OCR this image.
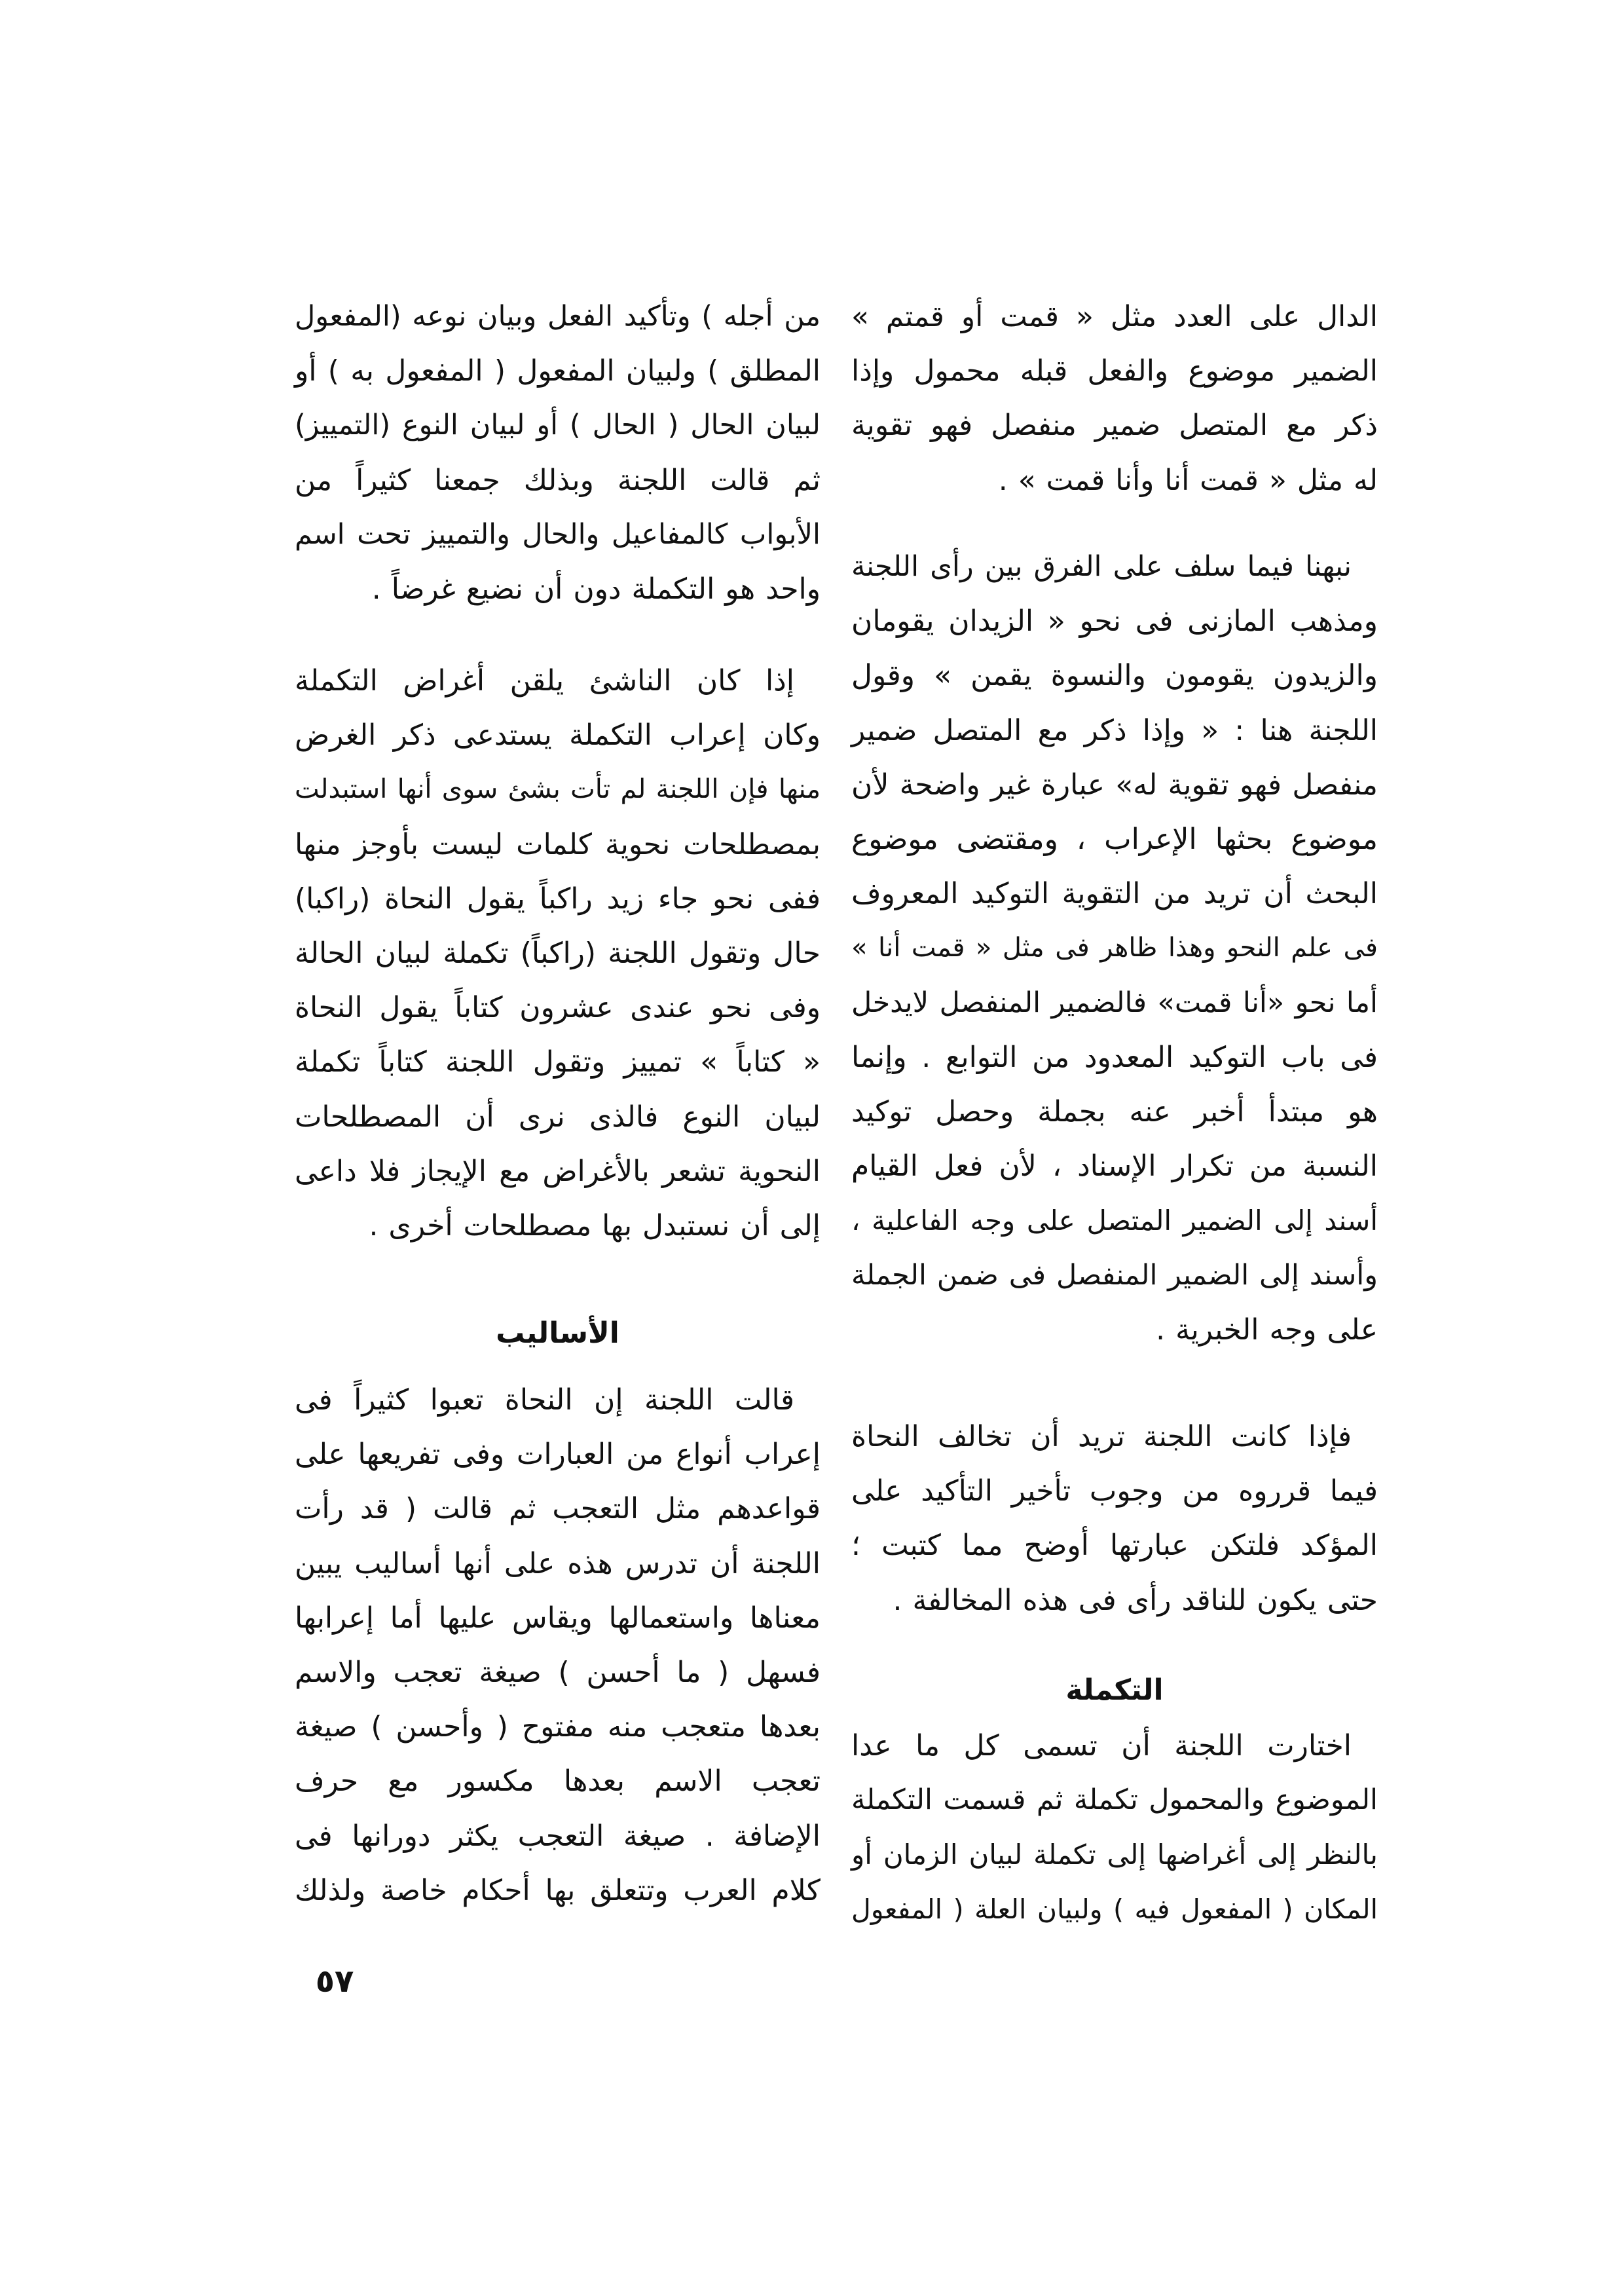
الدال على العدد مثل « قمت أو قمتم »
الضمير موضوع والفعل قبله محمول وإذا
ذكر مع المتصل ضمير منفصل فهو تقوية
له مثل « قمت أنا وأنا قمت » .
نبهنا فيما سلف على الفرق بين رأى اللجنة
ومذهب المازنى فى نحو « الزيدان يقومان
والزيدون يقومون والنسوة يقمن » وقول
اللجنة هنا : « وإذا ذكر مع المتصل ضمير
منفصل فهو تقوية له» عبارة غير واضحة لأن
موضوع بحثها الإعراب ، ومقتضى موضوع
البحث أن تريد من التقوية التوكيد المعروف
فى علم النحو وهذا ظاهر فى مثل « قمت أنا »
أما نحو «أنا قمت» فالضمير المنفصل لايدخل
فى باب التوكيد المعدود من التوابع . وإنما
هو مبتدأ أخبر عنه بجملة وحصل توكيد
النسبة من تكرار الإسناد ، لأن فعل القيام
أسند إلى الضمير المتصل على وجه الفاعلية ،
وأسند إلى الضمير المنفصل فى ضمن الجملة
على وجه الخبرية .
فإذا كانت اللجنة تريد أن تخالف النحاة
فيما قرروه من وجوب تأخير التأكيد على
المؤكد فلتكن عبارتها أوضح مما كتبت ؛
حتى يكون للناقد رأى فى هذه المخالفة .
التكملة
اختارت اللجنة أن تسمى كل ما عدا
الموضوع والمحمول تكملة ثم قسمت التكملة
بالنظر إلى أغراضها إلى تكملة لبيان الزمان أو
المكان ( المفعول فيه ) ولبيان العلة ( المفعول
من أجله ) وتأكيد الفعل وبيان نوعه (المفعول
المطلق ) ولبيان المفعول ( المفعول به ) أو
لبيان الحال ( الحال ) أو لبيان النوع (التمييز)
ثم قالت اللجنة وبذلك جمعنا كثيراً من
الأبواب كالمفاعيل والحال والتمييز تحت اسم
واحد هو التكملة دون أن نضيع غرضاً .
إذا كان الناشئ يلقن أغراض التكملة
وكان إعراب التكملة يستدعى ذكر الغرض
منها فإن اللجنة لم تأت بشئ سوى أنها استبدلت
بمصطلحات نحوية كلمات ليست بأوجز منها
ففى نحو جاء زيد راكباً يقول النحاة (راكبا)
حال وتقول اللجنة (راكباً) تكملة لبيان الحالة
وفى نحو عندى عشرون كتاباً يقول النحاة
« كتاباً » تمييز وتقول اللجنة كتاباً تكملة
لبيان النوع فالذى نرى أن المصطلحات
النحوية تشعر بالأغراض مع الإيجاز فلا داعى
إلى أن نستبدل بها مصطلحات أخرى .
الأساليب
قالت اللجنة إن النحاة تعبوا كثيراً فى
إعراب أنواع من العبارات وفى تفريعها على
قواعدهم مثل التعجب ثم قالت ( قد رأت
اللجنة أن تدرس هذه على أنها أساليب يبين
معناها واستعمالها ويقاس عليها أما إعرابها
فسهل ( ما أحسن ) صيغة تعجب والاسم
بعدها متعجب منه مفتوح ( وأحسن ) صيغة
تعجب الاسم بعدها مكسور مع حرف
الإضافة . صيغة التعجب يكثر دورانها فى
كلام العرب وتتعلق بها أحكام خاصة ولذلك
٥٧
